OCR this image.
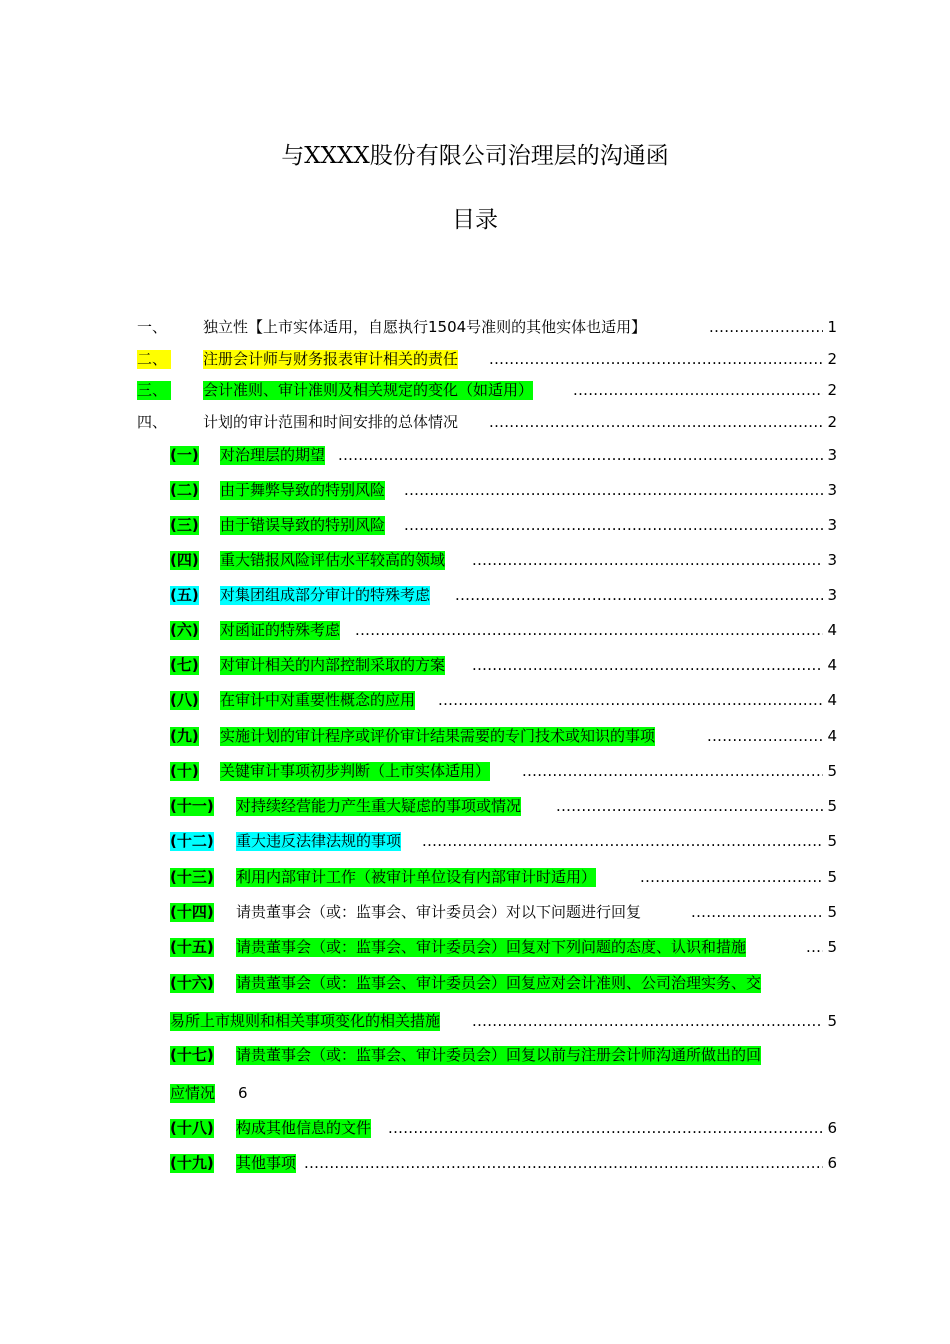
与XXXX股份有限公司治理层的沟通函
目录
一、 独立性【上市实体适用，自愿执行1504号准则的其他实体也适用】 .....	1
二、 注册会计师与财务报表审计相关的责任 .....	2
三、 会计准则、审计准则及相关规定的变化（如适用） .....	2
四、 计划的审计范围和时间安排的总体情况 .....	2
(一) 对治理层的期望 .....	3
(二) 由于舞弊导致的特别风险 .....	3
(三) 由于错误导致的特别风险 .....	3
(四) 重大错报风险评估水平较高的领域 .....	3
(五) 对集团组成部分审计的特殊考虑 .....	3
(六) 对函证的特殊考虑 .....	4
(七) 对审计相关的内部控制采取的方案 .....	4
(八) 在审计中对重要性概念的应用 .....	4
(九) 实施计划的审计程序或评价审计结果需要的专门技术或知识的事项 .....	4
(十) 关键审计事项初步判断（上市实体适用） .....	5
(十一) 对持续经营能力产生重大疑虑的事项或情况 .....	5
(十二) 重大违反法律法规的事项 .....	5
(十三) 利用内部审计工作（被审计单位设有内部审计时适用） .....	5
(十四) 请贵董事会（或：监事会、审计委员会）对以下问题进行回复 .....	5
(十五) 请贵董事会（或：监事会、审计委员会）回复对下列问题的态度、认识和措施 .....	5
(十六) 请贵董事会（或：监事会、审计委员会）回复应对会计准则、公司治理实务、交
易所上市规则和相关事项变化的相关措施 .....	5
(十七) 请贵董事会（或：监事会、审计委员会）回复以前与注册会计师沟通所做出的回
应情况 6
(十八) 构成其他信息的文件 .....	6
(十九) 其他事项 .....	6
